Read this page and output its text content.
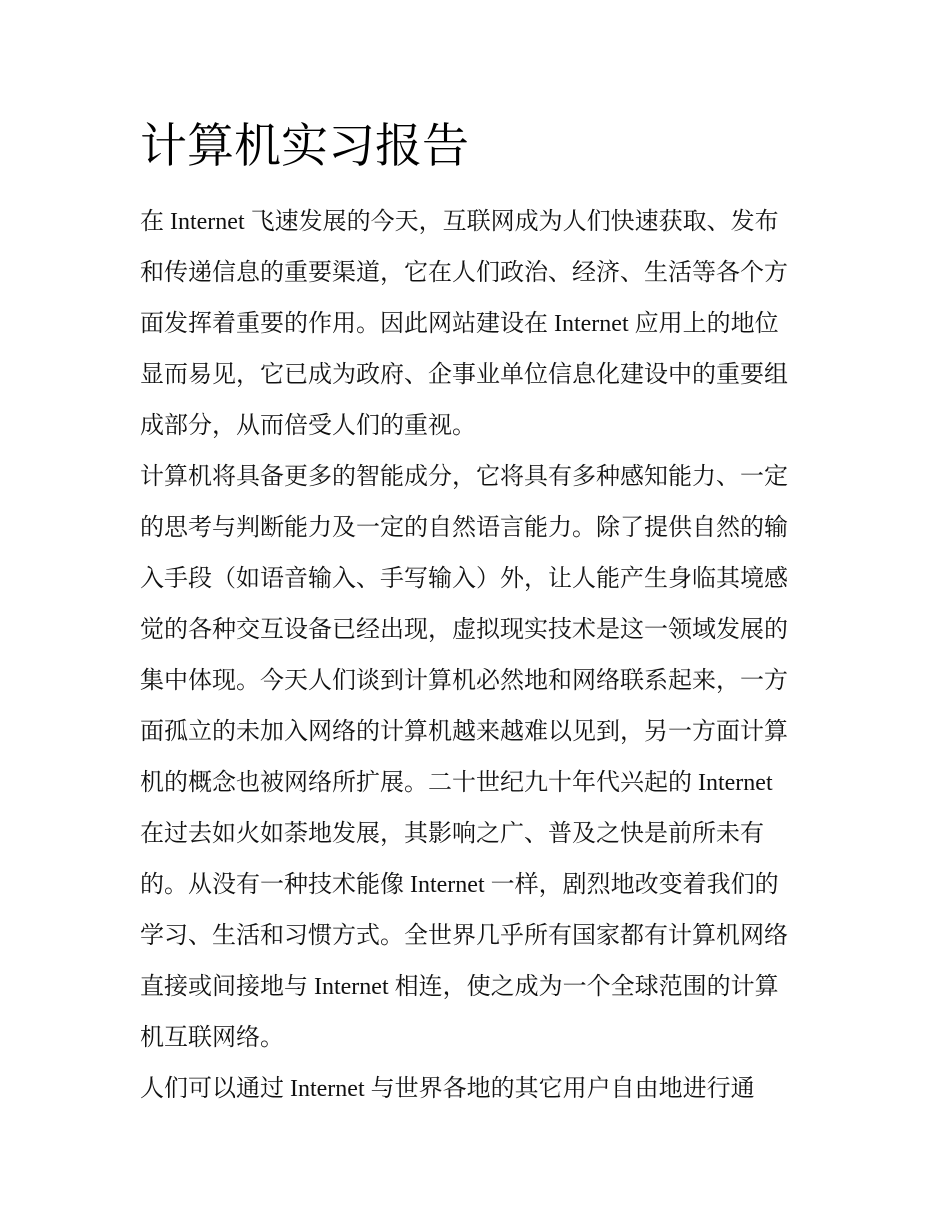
计算机实习报告

在 Internet 飞速发展的今天，互联网成为人们快速获取、发布

和传递信息的重要渠道，它在人们政治、经济、生活等各个方

面发挥着重要的作用。因此网站建设在 Internet 应用上的地位

显而易见，它已成为政府、企事业单位信息化建设中的重要组

成部分，从而倍受人们的重视。

计算机将具备更多的智能成分，它将具有多种感知能力、一定

的思考与判断能力及一定的自然语言能力。除了提供自然的输

入手段（如语音输入、手写输入）外，让人能产生身临其境感

觉的各种交互设备已经出现，虚拟现实技术是这一领域发展的

集中体现。今天人们谈到计算机必然地和网络联系起来，一方

面孤立的未加入网络的计算机越来越难以见到，另一方面计算

机的概念也被网络所扩展。二十世纪九十年代兴起的 Internet

在过去如火如荼地发展，其影响之广、普及之快是前所未有

的。从没有一种技术能像 Internet 一样，剧烈地改变着我们的

学习、生活和习惯方式。全世界几乎所有国家都有计算机网络

直接或间接地与 Internet 相连，使之成为一个全球范围的计算

机互联网络。

人们可以通过 Internet 与世界各地的其它用户自由地进行通
